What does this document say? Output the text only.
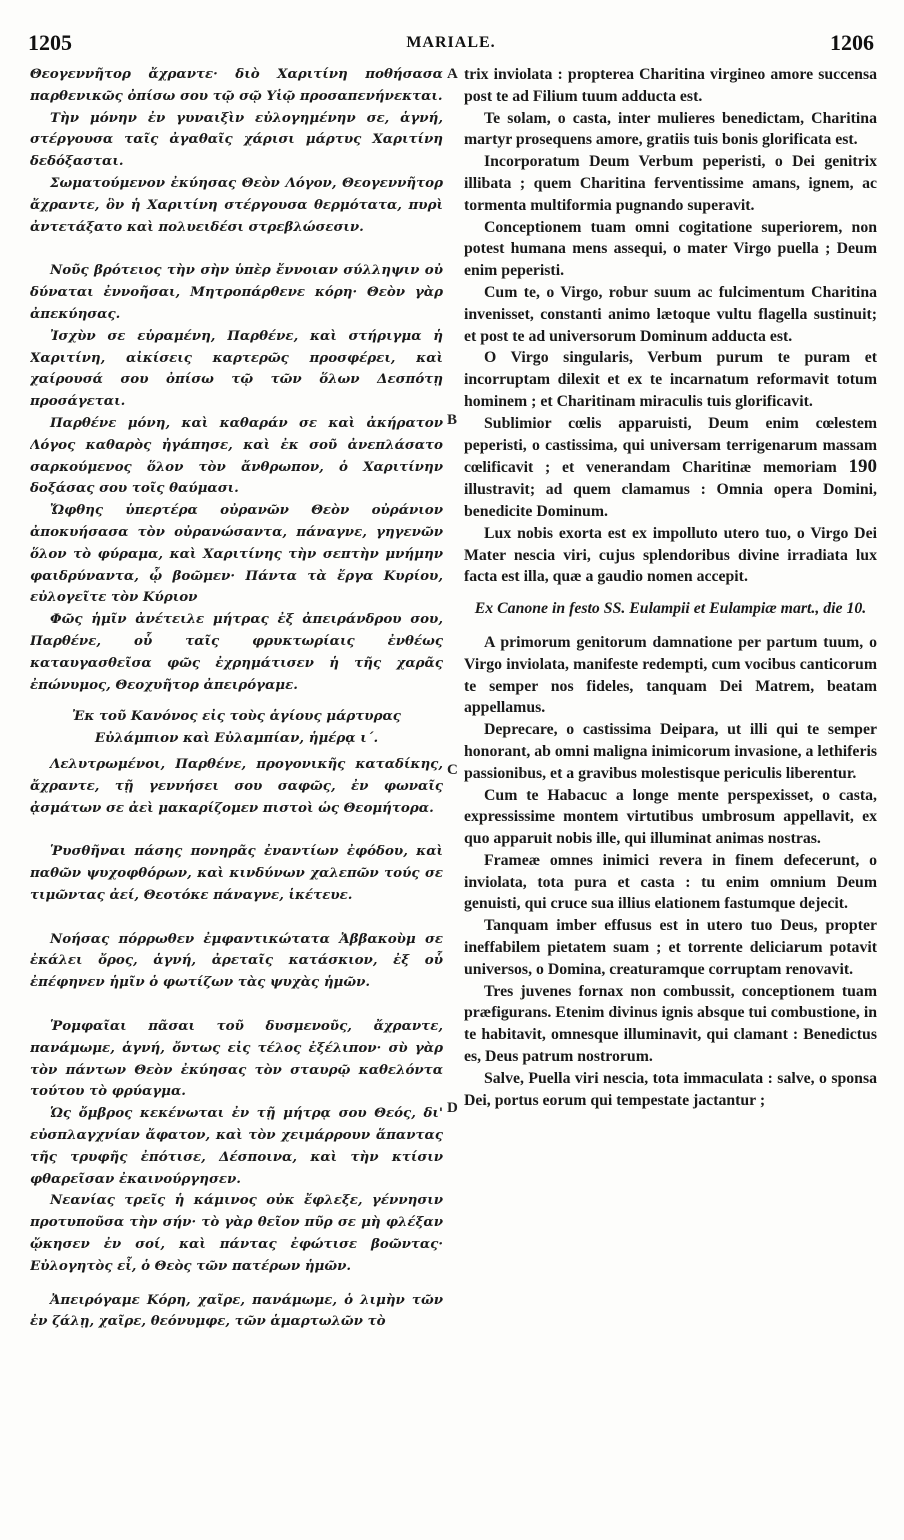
1205	MARIALE.	1206
A
B
C
D

Θεογεννῆτορ ἄχραντε· διὸ Χαριτίνη ποθήσασα παρθενικῶς ὀπίσω σου τῷ σῷ Υἱῷ προσαπενήνεκται.

Τὴν μόνην ἐν γυναιξὶν εὐλογημένην σε, ἁγνή, στέργουσα ταῖς ἀγαθαῖς χάρισι μάρτυς Χαριτίνη δεδόξασται.

Σωματούμενον ἐκύησας Θεὸν Λόγον, Θεογεννῆτορ ἄχραντε, ὃν ἡ Χαριτίνη στέργουσα θερμότατα, πυρὶ ἀντετάξατο καὶ πολυειδέσι στρεβλώσεσιν.

Νοῦς βρότειος τὴν σὴν ὑπὲρ ἔννοιαν σύλληψιν οὐ δύναται ἐννοῆσαι, Μητροπάρθενε κόρη· Θεὸν γὰρ ἀπεκύησας.

Ἰσχὺν σε εὑραμένη, Παρθένε, καὶ στήριγμα ἡ Χαριτίνη, αἰκίσεις καρτερῶς προσφέρει, καὶ χαίρουσά σου ὀπίσω τῷ τῶν ὅλων Δεσπότῃ προσάγεται.

Παρθένε μόνη, καὶ καθαράν σε καὶ ἀκήρατον Λόγος καθαρὸς ἠγάπησε, καὶ ἐκ σοῦ ἀνεπλάσατο σαρκούμενος ὅλον τὸν ἄνθρωπον, ὁ Χαριτίνην δοξάσας σου τοῖς θαύμασι.

Ὤφθης ὑπερτέρα οὐρανῶν Θεὸν οὐράνιον ἀποκυήσασα τὸν οὐρανώσαντα, πάναγνε, γηγενῶν ὅλον τὸ φύραμα, καὶ Χαριτίνης τὴν σεπτὴν μνήμην φαιδρύναντα, ᾧ βοῶμεν· Πάντα τὰ ἔργα Κυρίου, εὐλογεῖτε τὸν Κύριον

Φῶς ἡμῖν ἀνέτειλε μήτρας ἐξ ἀπειράνδρου σου, Παρθένε, οὗ ταῖς φρυκτωρίαις ἐνθέως καταυγασθεῖσα φῶς ἐχρημάτισεν ἡ τῆς χαρᾶς ἐπώνυμος, Θεοχυῆτορ ἀπειρόγαμε.

Ἐκ τοῦ Κανόνος εἰς τοὺς ἁγίους μάρτυρας Εὐλάμπιον καὶ Εὐλαμπίαν, ἡμέρᾳ ι΄.

Λελυτρωμένοι, Παρθένε, προγονικῆς καταδίκης, ἄχραντε, τῇ γεννήσει σου σαφῶς, ἐν φωναῖς ᾀσμάτων σε ἀεὶ μακαρίζομεν πιστοὶ ὡς Θεομήτορα.

Ῥυσθῆναι πάσης πονηρᾶς ἐναντίων ἐφόδου, καὶ παθῶν ψυχοφθόρων, καὶ κινδύνων χαλεπῶν τούς σε τιμῶντας ἀεί, Θεοτόκε πάναγνε, ἱκέτευε.

Νοήσας πόρρωθεν ἐμφαντικώτατα Ἀββακοὺμ σε ἐκάλει ὄρος, ἁγνή, ἀρεταῖς κατάσκιον, ἐξ οὗ ἐπέφηνεν ἡμῖν ὁ φωτίζων τὰς ψυχὰς ἡμῶν.

Ῥομφαῖαι πᾶσαι τοῦ δυσμενοῦς, ἄχραντε, πανάμωμε, ἁγνή, ὄντως εἰς τέλος ἐξέλιπον· σὺ γὰρ τὸν πάντων Θεὸν ἐκύησας τὸν σταυρῷ καθελόντα τούτου τὸ φρύαγμα.

Ὡς ὄμβρος κεκένωται ἐν τῇ μήτρᾳ σου Θεός, δι' εὐσπλαγχνίαν ἄφατον, καὶ τὸν χειμάρρουν ἅπαντας τῆς τρυφῆς ἐπότισε, Δέσποινα, καὶ τὴν κτίσιν φθαρεῖσαν ἐκαινούργησεν.

Νεανίας τρεῖς ἡ κάμινος οὐκ ἔφλεξε, γέννησιν προτυποῦσα τὴν σήν· τὸ γὰρ θεῖον πῦρ σε μὴ φλέξαν ᾤκησεν ἐν σοί, καὶ πάντας ἐφώτισε βοῶντας· Εὐλογητὸς εἶ, ὁ Θεὸς τῶν πατέρων ἡμῶν.

Ἀπειρόγαμε Κόρη, χαῖρε, πανάμωμε, ὁ λιμὴν τῶν ἐν ζάλῃ, χαῖρε, θεόνυμφε, τῶν ἁμαρτωλῶν τὸ

trix inviolata : propterea Charitina virgineo amore succensa post te ad Filium tuum adducta est.

Te solam, o casta, inter mulieres benedictam, Charitina martyr prosequens amore, gratiis tuis bonis glorificata est.

Incorporatum Deum Verbum peperisti, o Dei genitrix illibata ; quem Charitina ferventissime amans, ignem, ac tormenta multiformia pugnando superavit.

Conceptionem tuam omni cogitatione superiorem, non potest humana mens assequi, o mater Virgo puella ; Deum enim peperisti.

Cum te, o Virgo, robur suum ac fulcimentum Charitina invenisset, constanti animo lætoque vultu flagella sustinuit; et post te ad universorum Dominum adducta est.

O Virgo singularis, Verbum purum te puram et incorruptam dilexit et ex te incarnatum reformavit totum hominem ; et Charitinam miraculis tuis glorificavit.

Sublimior cœlis apparuisti, Deum enim cœlestem peperisti, o castissima, qui universam terrigenarum massam cœlificavit ; et venerandam Charitinæ memoriam 190 illustravit; ad quem clamamus : Omnia opera Domini, benedicite Dominum.

Lux nobis exorta est ex impolluto utero tuo, o Virgo Dei Mater nescia viri, cujus splendoribus divine irradiata lux facta est illa, quæ a gaudio nomen accepit.

Ex Canone in festo SS. Eulampii et Eulampiæ mart., die 10.

A primorum genitorum damnatione per partum tuum, o Virgo inviolata, manifeste redempti, cum vocibus canticorum te semper nos fideles, tanquam Dei Matrem, beatam appellamus.

Deprecare, o castissima Deipara, ut illi qui te semper honorant, ab omni maligna inimicorum invasione, a lethiferis passionibus, et a gravibus molestisque periculis liberentur.

Cum te Habacuc a longe mente perspexisset, o casta, expressissime montem virtutibus umbrosum appellavit, ex quo apparuit nobis ille, qui illuminat animas nostras.

Frameæ omnes inimici revera in finem defecerunt, o inviolata, tota pura et casta : tu enim omnium Deum genuisti, qui cruce sua illius elationem fastumque dejecit.

Tanquam imber effusus est in utero tuo Deus, propter ineffabilem pietatem suam ; et torrente deliciarum potavit universos, o Domina, creaturamque corruptam renovavit.

Tres juvenes fornax non combussit, conceptionem tuam præfigurans. Etenim divinus ignis absque tui combustione, in te habitavit, omnesque illuminavit, qui clamant : Benedictus es, Deus patrum nostrorum.

Salve, Puella viri nescia, tota immaculata : salve, o sponsa Dei, portus eorum qui tempestate jactantur ;
